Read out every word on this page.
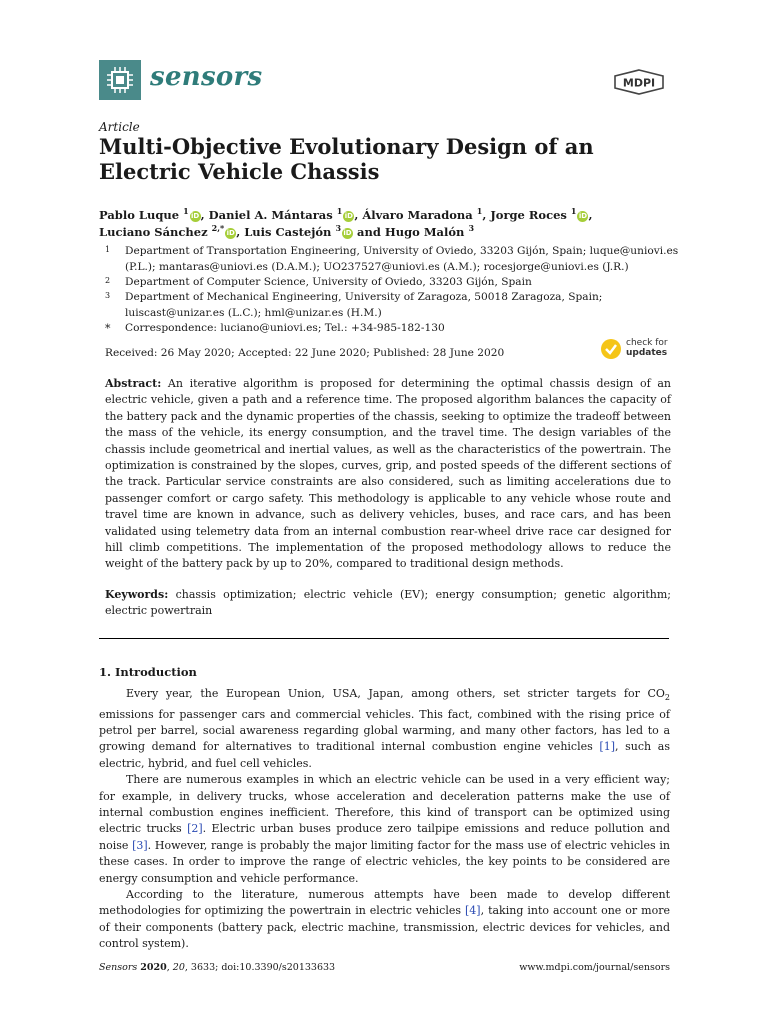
sensors	MDPI
Article
Multi-Objective Evolutionary Design of an Electric Vehicle Chassis
Pablo Luque $^1$ iD, Daniel A. Mántaras $^1$ iD, Álvaro Maradona $^1$, Jorge Roces $^1$ iD,
Luciano Sánchez $^{2,*}$ iD, Luis Castejón $^3$ iD and Hugo Malón $^3$
1 Department of Transportation Engineering, University of Oviedo, 33203 Gijón, Spain; luque@uniovi.es (P.L.); mantaras@uniovi.es (D.A.M.); UO237527@uniovi.es (A.M.); rocesjorge@uniovi.es (J.R.)
2 Department of Computer Science, University of Oviedo, 33203 Gijón, Spain
3 Department of Mechanical Engineering, University of Zaragoza, 50018 Zaragoza, Spain; luiscast@unizar.es (L.C.); hml@unizar.es (H.M.)
* Correspondence: luciano@uniovi.es; Tel.: +34-985-182-130
Received: 26 May 2020; Accepted: 22 June 2020; Published: 28 June 2020
check for
updates

Abstract: An iterative algorithm is proposed for determining the optimal chassis design of an electric vehicle, given a path and a reference time. The proposed algorithm balances the capacity of the battery pack and the dynamic properties of the chassis, seeking to optimize the tradeoff between the mass of the vehicle, its energy consumption, and the travel time. The design variables of the chassis include geometrical and inertial values, as well as the characteristics of the powertrain. The optimization is constrained by the slopes, curves, grip, and posted speeds of the different sections of the track. Particular service constraints are also considered, such as limiting accelerations due to passenger comfort or cargo safety. This methodology is applicable to any vehicle whose route and travel time are known in advance, such as delivery vehicles, buses, and race cars, and has been validated using telemetry data from an internal combustion rear-wheel drive race car designed for hill climb competitions. The implementation of the proposed methodology allows to reduce the weight of the battery pack by up to 20%, compared to traditional design methods.

Keywords: chassis optimization; electric vehicle (EV); energy consumption; genetic algorithm; electric powertrain

1. Introduction

Every year, the European Union, USA, Japan, among others, set stricter targets for $CO_2$ emissions for passenger cars and commercial vehicles. This fact, combined with the rising price of petrol per barrel, social awareness regarding global warming, and many other factors, has led to a growing demand for alternatives to traditional internal combustion engine vehicles [1], such as electric, hybrid, and fuel cell vehicles.

There are numerous examples in which an electric vehicle can be used in a very efficient way; for example, in delivery trucks, whose acceleration and deceleration patterns make the use of internal combustion engines inefficient. Therefore, this kind of transport can be optimized using electric trucks [2]. Electric urban buses produce zero tailpipe emissions and reduce pollution and noise [3]. However, range is probably the major limiting factor for the mass use of electric vehicles in these cases. In order to improve the range of electric vehicles, the key points to be considered are energy consumption and vehicle performance.

According to the literature, numerous attempts have been made to develop different methodologies for optimizing the powertrain in electric vehicles [4], taking into account one or more of their components (battery pack, electric machine, transmission, electric devices for vehicles, and control system).

Sensors 2020, 20, 3633; doi:10.3390/s20133633	www.mdpi.com/journal/sensors
